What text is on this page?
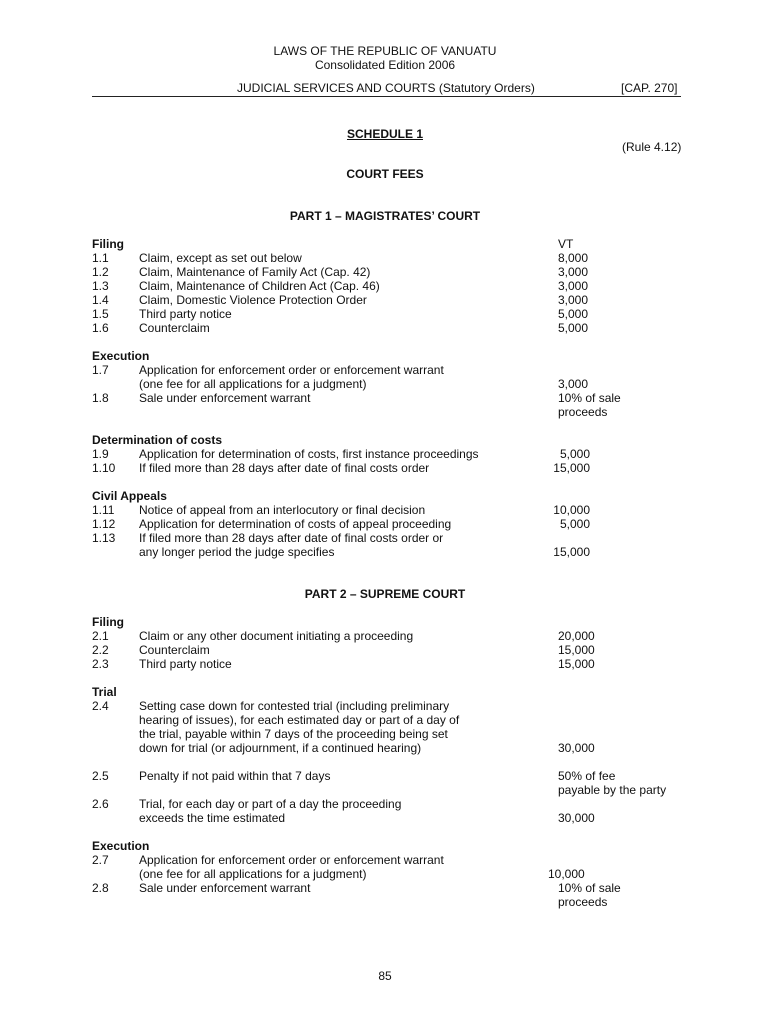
LAWS OF THE REPUBLIC OF VANUATU
Consolidated Edition 2006
JUDICIAL SERVICES AND COURTS (Statutory Orders)	[CAP. 270]
SCHEDULE 1
(Rule 4.12)
COURT FEES
PART 1 – MAGISTRATES’ COURT
Filing	VT
1.1	Claim, except as set out below	8,000
1.2	Claim, Maintenance of Family Act (Cap. 42)	3,000
1.3	Claim, Maintenance of Children Act (Cap. 46)	3,000
1.4	Claim, Domestic Violence Protection Order	3,000
1.5	Third party notice	5,000
1.6	Counterclaim	5,000
Execution
1.7	Application for enforcement order or enforcement warrant
(one fee for all applications for a judgment)	3,000
1.8	Sale under enforcement warrant	10% of sale
proceeds
Determination of costs
1.9	Application for determination of costs, first instance proceedings	5,000
1.10 If filed more than 28 days after date of final costs order	15,000
Civil Appeals
1.11 Notice of appeal from an interlocutory or final decision	10,000
1.12 Application for determination of costs of appeal proceeding	5,000
1.13 If filed more than 28 days after date of final costs order or
any longer period the judge specifies	15,000
PART 2 – SUPREME COURT
Filing
2.1	Claim or any other document initiating a proceeding	20,000
2.2	Counterclaim	15,000
2.3	Third party notice	15,000
Trial
2.4	Setting case down for contested trial (including preliminary
hearing of issues), for each estimated day or part of a day of
the trial, payable within 7 days of the proceeding being set
down for trial (or adjournment, if a continued hearing)	30,000
2.5	Penalty if not paid within that 7 days	50% of fee
payable by the party
2.6	Trial, for each day or part of a day the proceeding
exceeds the time estimated	30,000
Execution
2.7	Application for enforcement order or enforcement warrant
(one fee for all applications for a judgment)	10,000
2.8	Sale under enforcement warrant	10% of sale
proceeds
85
